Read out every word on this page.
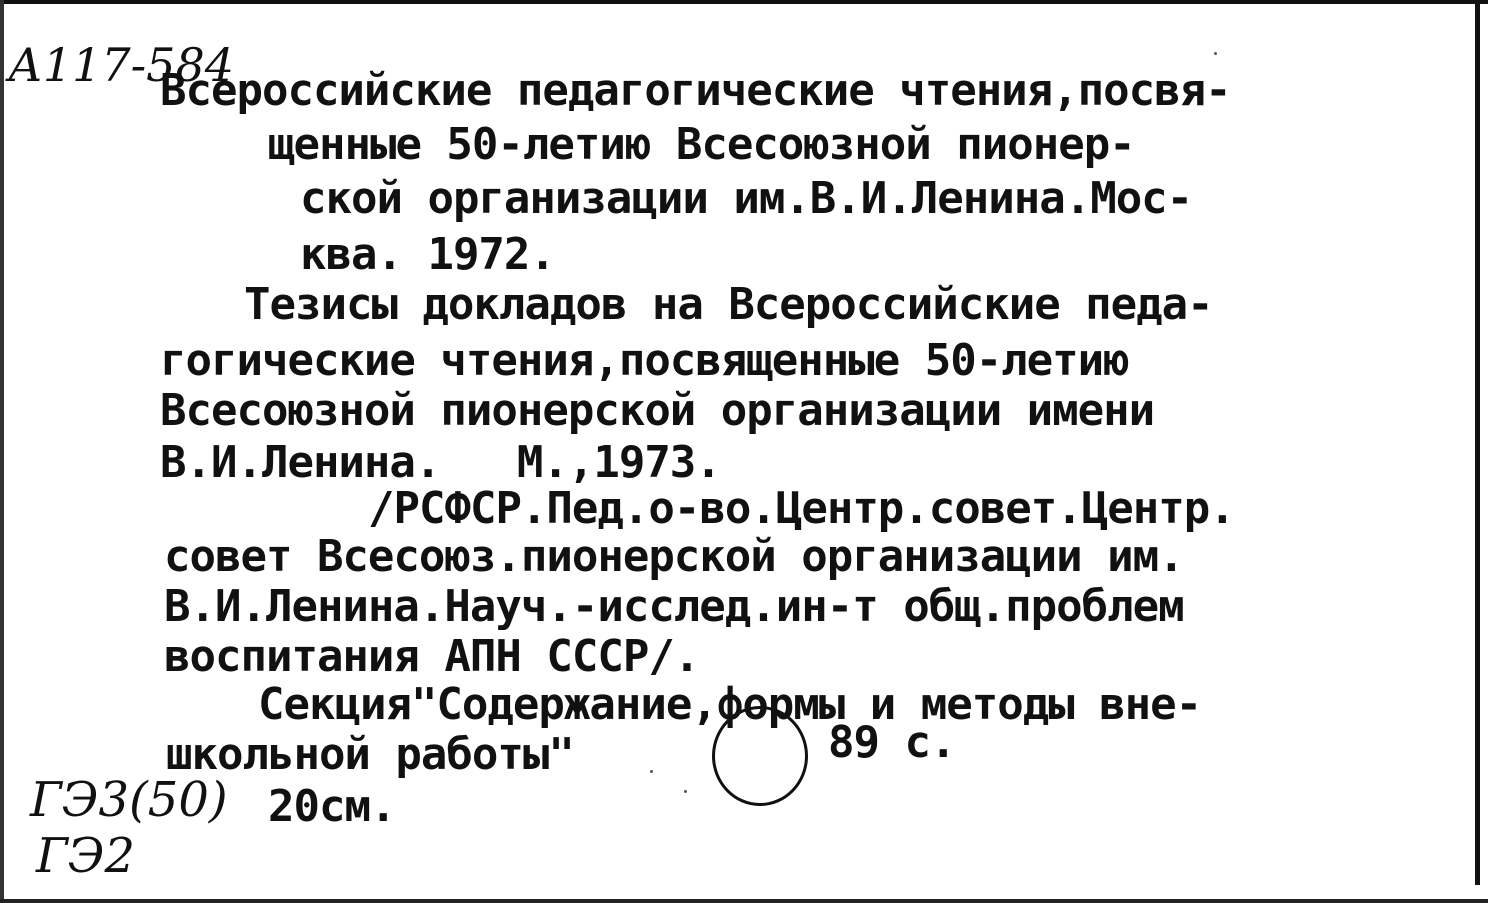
А117-584
Всероссийские педагогические чтения,посвя-
щенные 50-летию Всесоюзной пионер-
ской организации им.В.И.Ленина.Мос-
ква. 1972.
Тезисы докладов на Всероссийские педа-
гогические чтения,посвященные 50-летию
Всесоюзной пионерской организации имени
В.И.Ленина.   М.,1973.
/РСФСР.Пед.о-во.Центр.совет.Центр.
совет Всесоюз.пионерской организации им.
В.И.Ленина.Науч.-исслед.ин-т общ.проблем
воспитания АПН СССР/.
Секция"Содержание,формы и методы вне-
школьной работы"	89 с.
20см.
ГЭ3(50)
ГЭ2
